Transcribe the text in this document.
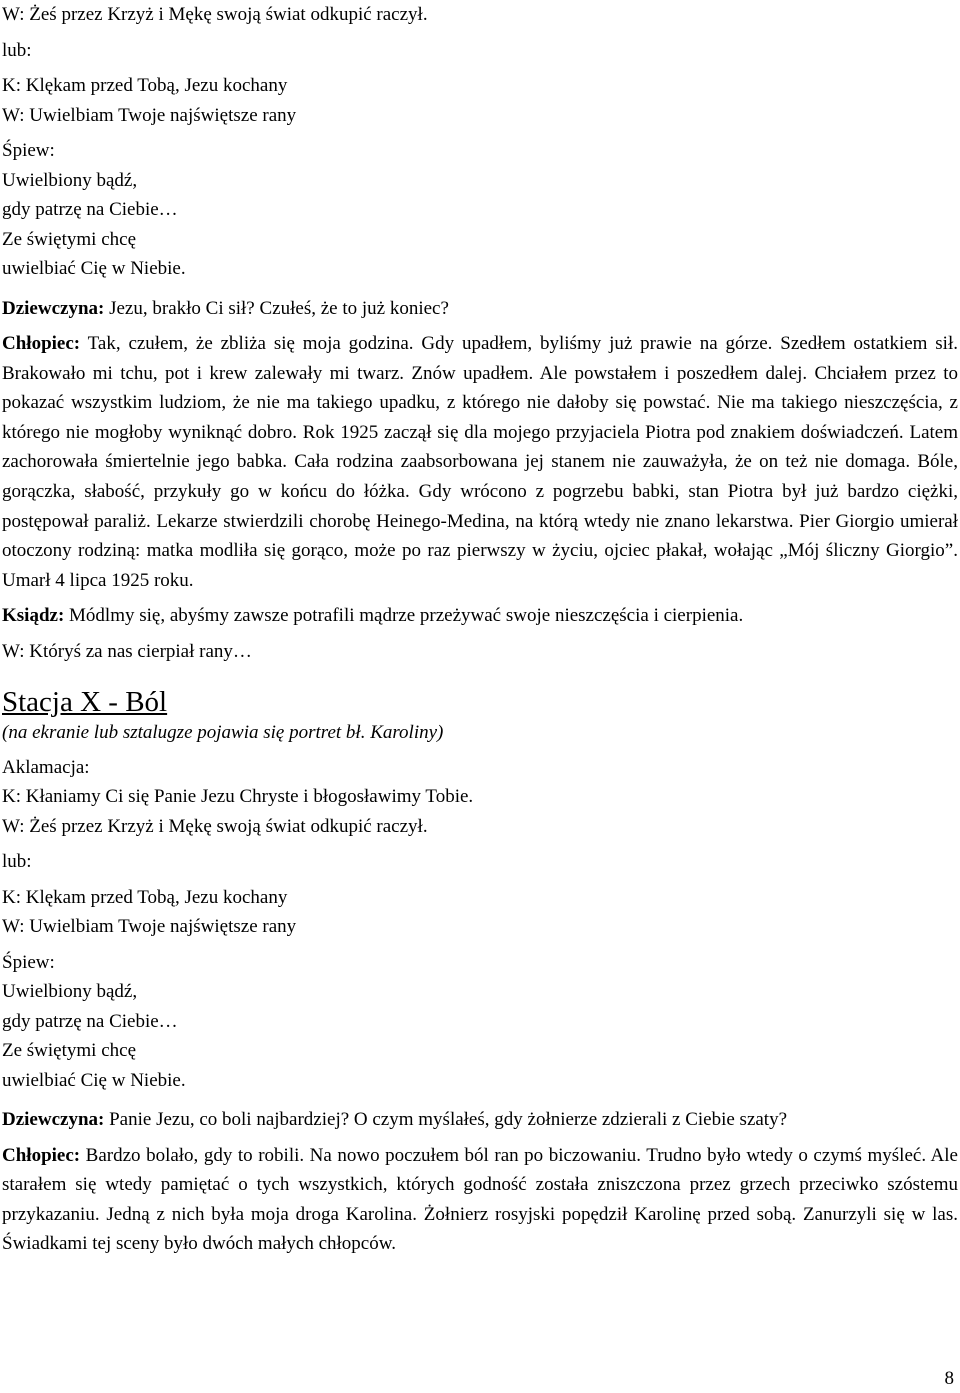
W: Żeś przez Krzyż i Mękę swoją świat odkupić raczył.
lub:
K: Klękam przed Tobą, Jezu kochany
W: Uwielbiam Twoje najświętsze rany
Śpiew:
Uwielbiony bądź,
gdy patrzę na Ciebie…
Ze świętymi chcę
uwielbiać Cię w Niebie.

Dziewczyna: Jezu, brakło Ci sił? Czułeś, że to już koniec?

Chłopiec: Tak, czułem, że zbliża się moja godzina. Gdy upadłem, byliśmy już prawie na górze. Szedłem ostatkiem sił. Brakowało mi tchu, pot i krew zalewały mi twarz. Znów upadłem. Ale powstałem i poszedłem dalej. Chciałem przez to pokazać wszystkim ludziom, że nie ma takiego upadku, z którego nie dałoby się powstać. Nie ma takiego nieszczęścia, z którego nie mogłoby wyniknąć dobro. Rok 1925 zaczął się dla mojego przyjaciela Piotra pod znakiem doświadczeń. Latem zachorowała śmiertelnie jego babka. Cała rodzina zaabsorbowana jej stanem nie zauważyła, że on też nie domaga. Bóle, gorączka, słabość, przykuły go w końcu do łóżka. Gdy wrócono z pogrzebu babki, stan Piotra był już bardzo ciężki, postępował paraliż. Lekarze stwierdzili chorobę Heinego-Medina, na którą wtedy nie znano lekarstwa. Pier Giorgio umierał otoczony rodziną: matka modliła się gorąco, może po raz pierwszy w życiu, ojciec płakał, wołając „Mój śliczny Giorgio”. Umarł 4 lipca 1925 roku.

Ksiądz: Módlmy się, abyśmy zawsze potrafili mądrze przeżywać swoje nieszczęścia i cierpienia.

W: Któryś za nas cierpiał rany…
Stacja X - Ból
(na ekranie lub sztalugze pojawia się portret bł. Karoliny)
Aklamacja:
K: Kłaniamy Ci się Panie Jezu Chryste i błogosławimy Tobie.
W: Żeś przez Krzyż i Mękę swoją świat odkupić raczył.
lub:
K: Klękam przed Tobą, Jezu kochany
W: Uwielbiam Twoje najświętsze rany
Śpiew:
Uwielbiony bądź,
gdy patrzę na Ciebie…
Ze świętymi chcę
uwielbiać Cię w Niebie.

Dziewczyna: Panie Jezu, co boli najbardziej? O czym myślałeś, gdy żołnierze zdzierali z Ciebie szaty?

Chłopiec: Bardzo bolało, gdy to robili. Na nowo poczułem ból ran po biczowaniu. Trudno było wtedy o czymś myśleć. Ale starałem się wtedy pamiętać o tych wszystkich, których godność została zniszczona przez grzech przeciwko szóstemu przykazaniu. Jedną z nich była moja droga Karolina. Żołnierz rosyjski popędził Karolinę przed sobą. Zanurzyli się w las. Świadkami tej sceny było dwóch małych chłopców.

8
